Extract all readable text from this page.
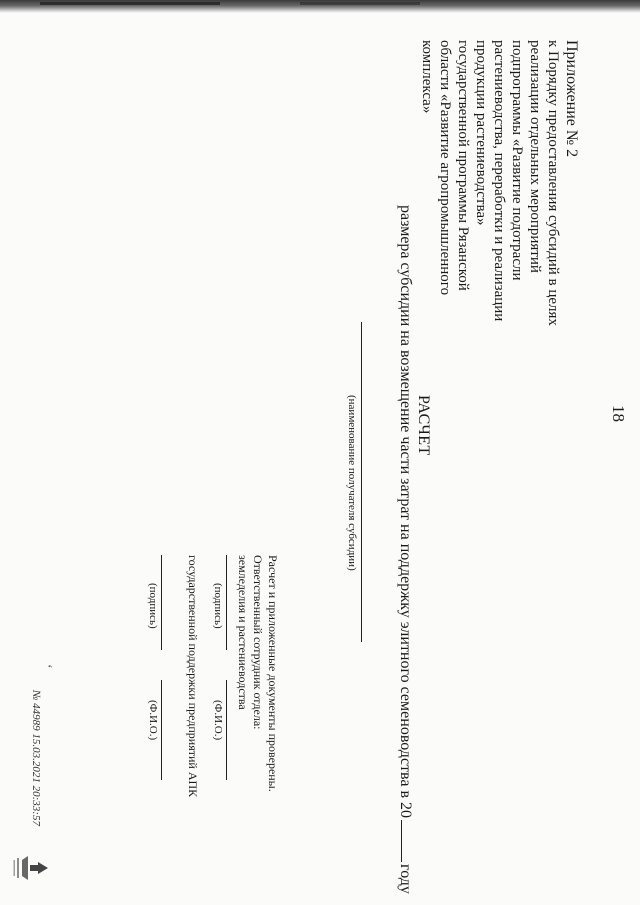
18
Приложение № 2
к Порядку предоставления субсидий в целях
реализации отдельных мероприятий
подпрограммы «Развитие подотрасли
растениеводства, переработки и реализации
продукции растениеводства»
государственной программы Рязанской
области «Развитие агропромышленного
комплекса»
РАСЧЕТ
размера субсидии на возмещение части затрат на поддержку элитного семеноводства в 20году
(наименование получателя субсидии)
Расчет и приложенные документы проверены.
Ответственный сотрудник отдела:
земледелия и растениеводства
(подпись)
(Ф.И.О.)
государственной поддержки предприятий АПК
(подпись)
(Ф.И.О.)
№ 44989 15.03.2021 20:33:57
ʻ
